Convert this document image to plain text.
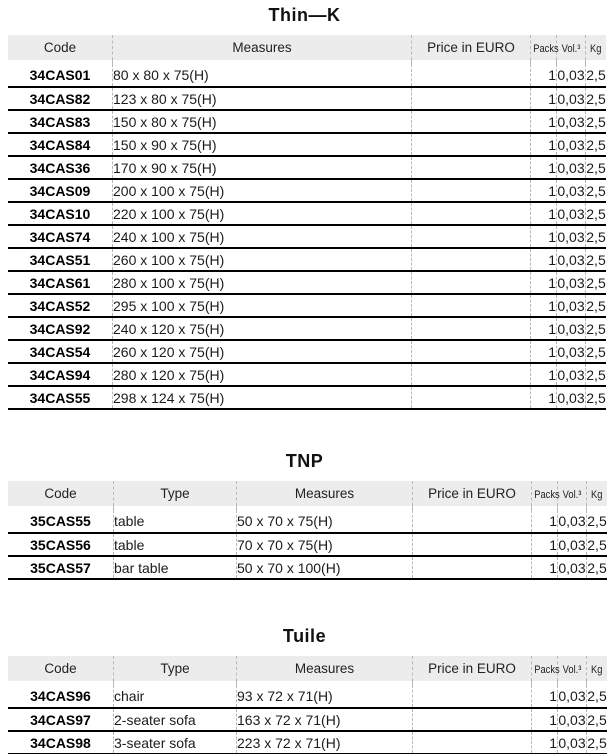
Thin—K
Code	Measures	Price in EURO	Packs	Vol.³	Kg

34CAS01	80 x 80 x 75(H)		1	0,03	2,5
34CAS82	123 x 80 x 75(H)		1	0,03	2,5
34CAS83	150 x 80 x 75(H)		1	0,03	2,5
34CAS84	150 x 90 x 75(H)		1	0,03	2,5
34CAS36	170 x 90 x 75(H)		1	0,03	2,5
34CAS09	200 x 100 x 75(H)		1	0,03	2,5
34CAS10	220 x 100 x 75(H)		1	0,03	2,5
34CAS74	240 x 100 x 75(H)		1	0,03	2,5
34CAS51	260 x 100 x 75(H)		1	0,03	2,5
34CAS61	280 x 100 x 75(H)		1	0,03	2,5
34CAS52	295 x 100 x 75(H)		1	0,03	2,5
34CAS92	240 x 120 x 75(H)		1	0,03	2,5
34CAS54	260 x 120 x 75(H)		1	0,03	2,5
34CAS94	280 x 120 x 75(H)		1	0,03	2,5
34CAS55	298 x 124 x 75(H)		1	0,03	2,5
TNP
Code	Type	Measures	Price in EURO	Packs	Vol.³	Kg

35CAS55	table	50 x 70 x 75(H)		1	0,03	2,5
35CAS56	table	70 x 70 x 75(H)		1	0,03	2,5
35CAS57	bar table	50 x 70 x 100(H)		1	0,03	2,5
Tuile
Code	Type	Measures	Price in EURO	Packs	Vol.³	Kg

34CAS96	chair	93 x 72 x 71(H)		1	0,03	2,5
34CAS97	2-seater sofa	163 x 72 x 71(H)		1	0,03	2,5
34CAS98	3-seater sofa	223 x 72 x 71(H)		1	0,03	2,5
